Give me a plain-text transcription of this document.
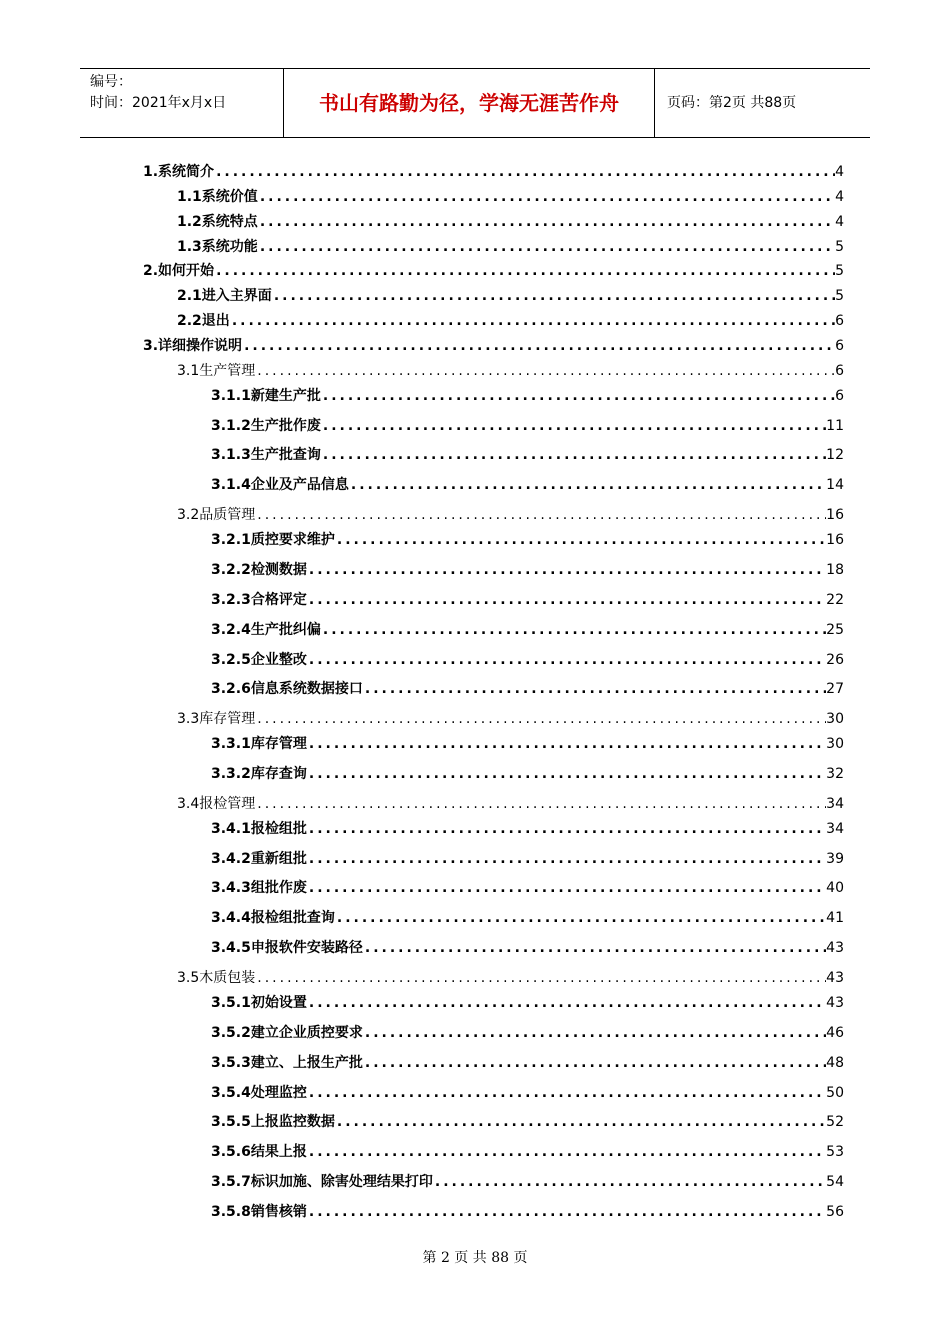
编号：
时间：2021年x月x日	书山有路勤为径，学海无涯苦作舟	页码：第2页 共88页
1.系统简介 .....	4
1.1系统价值 .....	4
1.2系统特点 .....	4
1.3系统功能 .....	5
2.如何开始 .....	5
2.1进入主界面 .....	5
2.2退出 .....	6
3.详细操作说明 .....	6
3.1生产管理 .....	6
3.1.1新建生产批 .....	6
3.1.2生产批作废 .....	11
3.1.3生产批查询 .....	12
3.1.4企业及产品信息 .....	14
3.2品质管理 .....	16
3.2.1质控要求维护 .....	16
3.2.2检测数据 .....	18
3.2.3合格评定 .....	22
3.2.4生产批纠偏 .....	25
3.2.5企业整改 .....	26
3.2.6信息系统数据接口 .....	27
3.3库存管理 .....	30
3.3.1库存管理 .....	30
3.3.2库存查询 .....	32
3.4报检管理 .....	34
3.4.1报检组批 .....	34
3.4.2重新组批 .....	39
3.4.3组批作废 .....	40
3.4.4报检组批查询 .....	41
3.4.5申报软件安装路径 .....	43
3.5木质包装 .....	43
3.5.1初始设置 .....	43
3.5.2建立企业质控要求 .....	46
3.5.3建立、上报生产批 .....	48
3.5.4处理监控 .....	50
3.5.5上报监控数据 .....	52
3.5.6结果上报 .....	53
3.5.7标识加施、除害处理结果打印 .....	54
3.5.8销售核销 .....	56
第 2 页 共 88 页
